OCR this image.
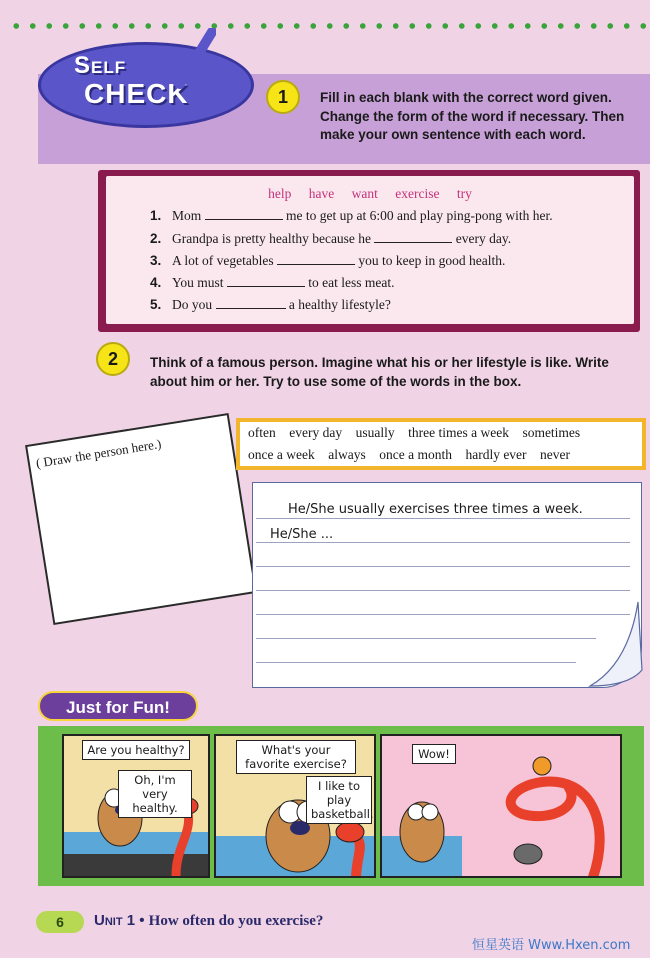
Self
CHECK	1	Fill in each blank with the correct word given. Change the form of the word if necessary. Then make your own sentence with each word.
help have want exercise try
1. Mom	me to get up at 6:00 and play ping-pong with her.
2. Grandpa is pretty healthy because he	every day.
3. A lot of vegetables	you to keep in good health.
4. You must	to eat less meat.
5. Do you	a healthy lifestyle?
2	Think of a famous person. Imagine what his or her lifestyle is like. Write about him or her. Try to use some of the words in the box.
( Draw the person here.)
often every day usually three times a week sometimes
once a week always once a month hardly ever never
He/She usually exercises three times a week.
He/She ...
Just for Fun!
Are you healthy?
Oh, I'm very healthy.
What's your favorite exercise?
I like to play basketball.
Wow!
6	Unit 1 • How often do you exercise?
恒星英语 Www.Hxen.com
